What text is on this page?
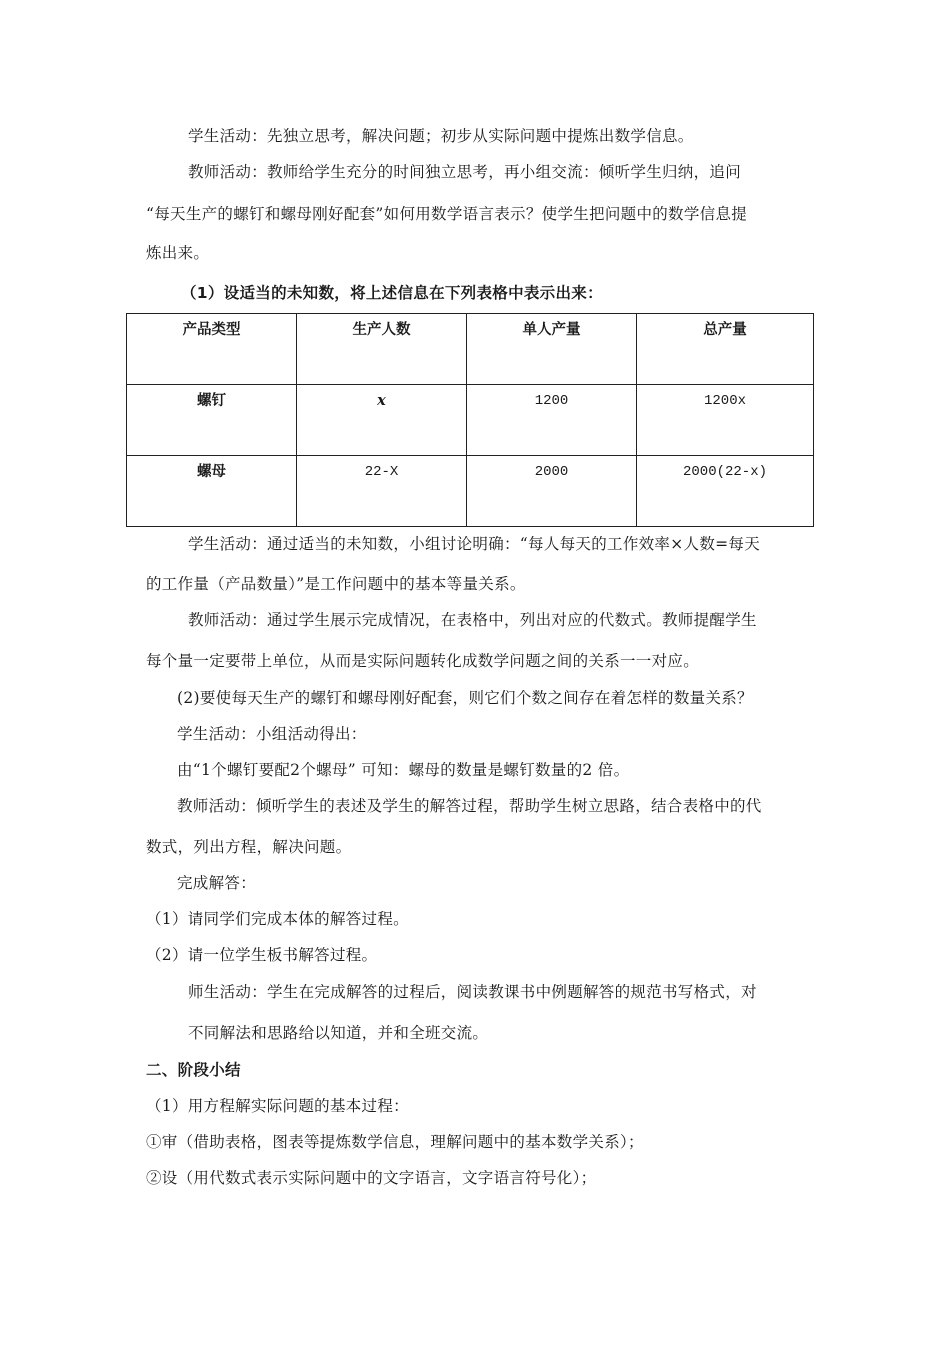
学生活动：先独立思考，解决问题；初步从实际问题中提炼出数学信息。
教师活动：教师给学生充分的时间独立思考，再小组交流：倾听学生归纳，追问
“每天生产的螺钉和螺母刚好配套”如何用数学语言表示？使学生把问题中的数学信息提
炼出来。
（1）设适当的未知数，将上述信息在下列表格中表示出来：
产品类型	生产人数	单人产量	总产量
螺钉	x	1200	1200x
螺母	22-X	2000	2000(22-x)
学生活动：通过适当的未知数，小组讨论明确：“每人每天的工作效率×人数=每天
的工作量（产品数量）”是工作问题中的基本等量关系。
教师活动：通过学生展示完成情况，在表格中，列出对应的代数式。教师提醒学生
每个量一定要带上单位，从而是实际问题转化成数学问题之间的关系一一对应。
(2)要使每天生产的螺钉和螺母刚好配套，则它们个数之间存在着怎样的数量关系？
学生活动：小组活动得出：
由“1个螺钉要配2个螺母” 可知：螺母的数量是螺钉数量的2 倍。
教师活动：倾听学生的表述及学生的解答过程，帮助学生树立思路，结合表格中的代
数式，列出方程，解决问题。
完成解答：
（1）请同学们完成本体的解答过程。
（2）请一位学生板书解答过程。
师生活动：学生在完成解答的过程后，阅读教课书中例题解答的规范书写格式，对
不同解法和思路给以知道，并和全班交流。
二、阶段小结
（1）用方程解实际问题的基本过程：
①审（借助表格，图表等提炼数学信息，理解问题中的基本数学关系）；
②设（用代数式表示实际问题中的文字语言，文字语言符号化）；
